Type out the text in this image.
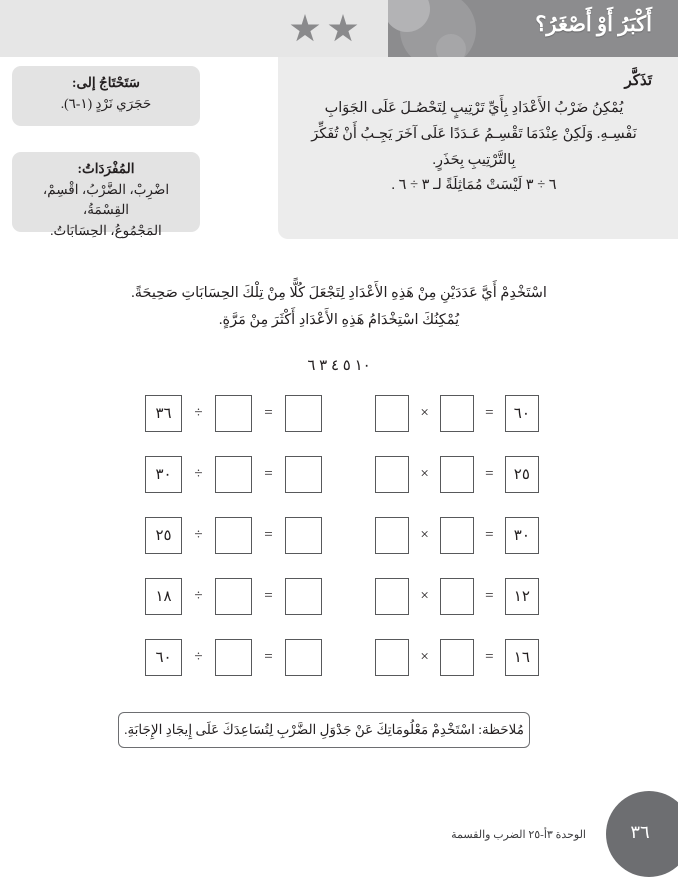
أَكْبَرُ أَوْ أَصْغَرُ؟
تَذَكَّر

يُمْكِنُ ضَرْبُ الأَعْدَادِ بِأَيِّ تَرْتِيبٍ لِتَحْصُـلَ عَلَى الجَوَابِ

نَفْسِـهِ. وَلَكِنْ عِنْدَمَا تَقْسِـمُ عَـدَدًا عَلَى آخَرَ يَجِـبُ أَنْ تُفَكِّرَ

بِالتَّرْتِيبِ بِحَذَرٍ.

٦ ÷ ٣ لَيْسَتْ مُمَاثِلَةً لـ ٣ ÷ ٦ .

سَتَحْتَاجُ إلى:

حَجَرَي نَرْدٍ (١-٦).

المُفْرَدَاتُ:

اضْرِبْ، الضَّرْبُ، اقْسِمْ، القِسْمَةُ،

المَجْمُوعُ، الحِسَابَاتُ.

اسْتَخْدِمْ أَيَّ عَدَدَيْنِ مِنْ هَذِهِ الأَعْدَادِ لِتَجْعَلَ كُلًّا مِنْ تِلْكَ الحِسَابَاتِ صَحِيحَةً.

يُمْكِنُكَ اسْتِخْدَامُ هَذِهِ الأَعْدَادِ أَكْثَرَ مِنْ مَرَّةٍ.

١٠ ٥ ٤ ٣ ٦
٦٠
=
×
=
÷
٣٦
٢٥
=
×
=
÷
٣٠
٣٠
=
×
=
÷
٢٥
١٢
=
×
=
÷
١٨
١٦
=
×
=
÷
٦٠
مُلاحَظة: اسْتَخْدِمْ مَعْلُومَاتِكَ عَنْ جَدْوَلِ الضَّرْبِ لِتُسَاعِدَكَ عَلَى إِيجَادِ الإِجَابَةِ.
٣٦
الوحدة ٣أ-٢٥ الضرب والقسمة
